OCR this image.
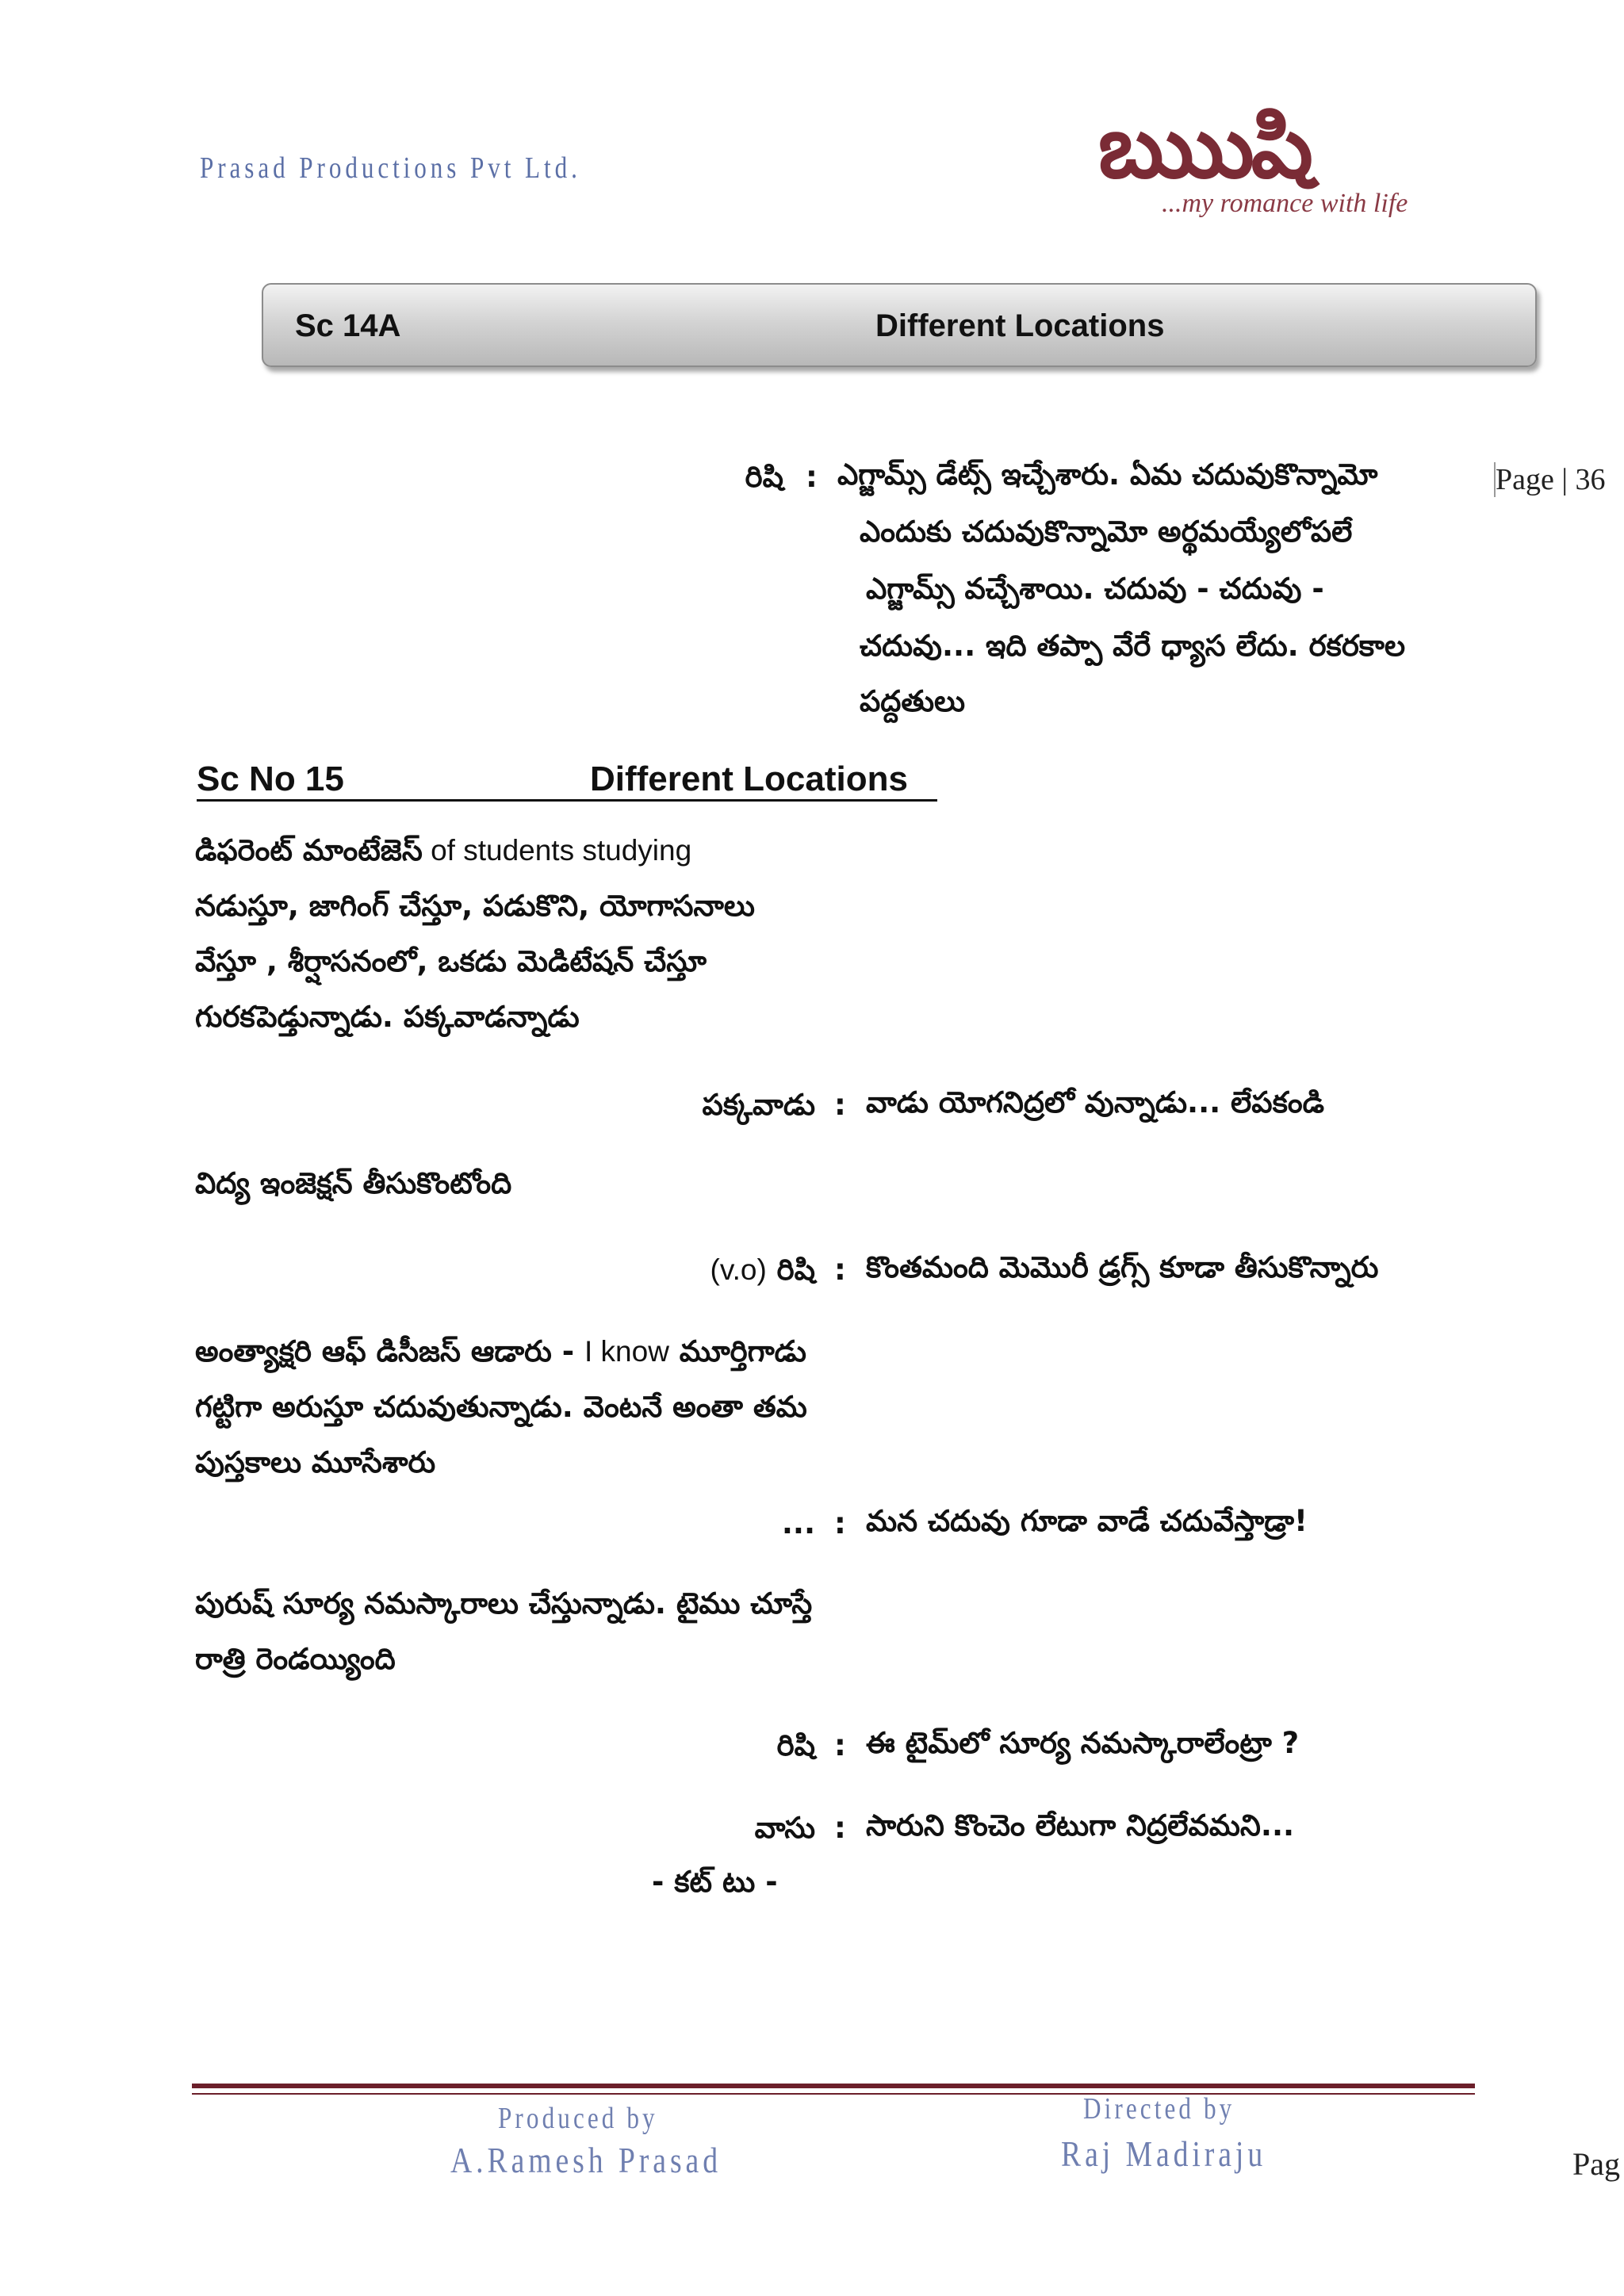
Prasad Productions Pvt Ltd.	ఋుషి
...my romance with life
Page | 36
Sc 14A	Different Locations
రిషి : ఎగ్జామ్స్ డేట్స్ ఇచ్చేశారు. ఏమ చదువుకొన్నామో
ఎందుకు చదువుకొన్నామో అర్థమయ్యేలోపలే
ఎగ్జామ్స్ వచ్చేశాయి. చదువు - చదువు -
చదువు... ఇది తప్పా వేరే ధ్యాస లేదు. రకరకాల
పద్దతులు
Sc No 15	Different Locations
డిఫరెంట్ మాంటేజెస్ of students studying
నడుస్తూ, జాగింగ్ చేస్తూ, పడుకొని, యోగాసనాలు
వేస్తూ , శీర్షాసనంలో, ఒకడు మెడిటేషన్ చేస్తూ
గురకపెడ్తున్నాడు. పక్కవాడన్నాడు
పక్కవాడు : వాడు యోగనిద్రలో వున్నాడు... లేపకండి
విద్య ఇంజెక్షన్ తీసుకొంటోంది
(v.o) రిషి : కొంతమంది మెమొరీ డ్రగ్స్ కూడా తీసుకొన్నారు
అంత్యాక్షరి ఆఫ్ డిసీజస్ ఆడారు - I know మూర్తిగాడు
గట్టిగా అరుస్తూ చదువుతున్నాడు. వెంటనే అంతా తమ
పుస్తకాలు మూసేశారు
... : మన చదువు గూడా వాడే చదువేస్తాడ్రా!
పురుష్ సూర్య నమస్కారాలు చేస్తున్నాడు. టైము చూస్తే
రాత్రి రెండయ్యింది
రిషి : ఈ టైమ్‌లో సూర్య నమస్కారాలేంట్రా ?
వాసు : సారుని కొంచెం లేటుగా నిద్రలేవమని...
- కట్ టు -
Produced by
A.Ramesh Prasad
Directed by
Raj Madiraju	Pag
